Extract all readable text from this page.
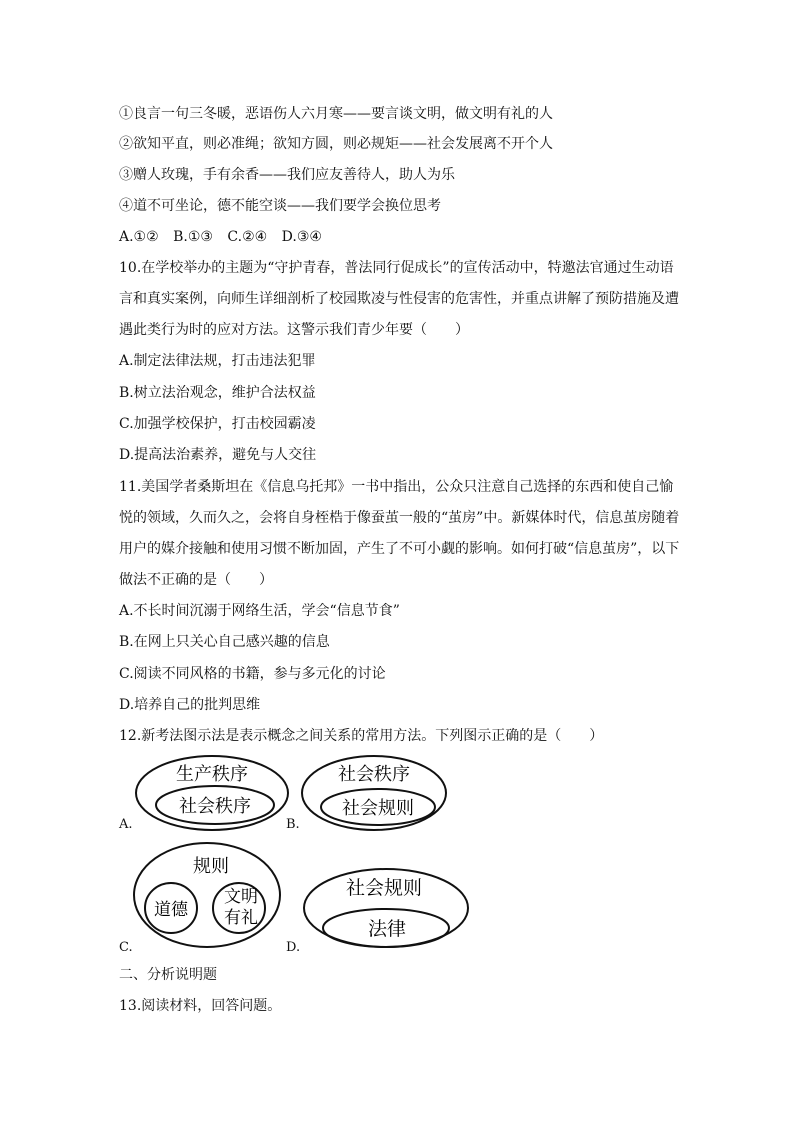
①良言一句三冬暖，恶语伤人六月寒——要言谈文明，做文明有礼的人
②欲知平直，则必准绳；欲知方圆，则必规矩——社会发展离不开个人
③赠人玫瑰，手有余香——我们应友善待人，助人为乐
④道不可坐论，德不能空谈——我们要学会换位思考
A.①② B.①③ C.②④ D.③④
10.在学校举办的主题为“守护青春，普法同行促成长”的宣传活动中，特邀法官通过生动语言和真实案例，向师生详细剖析了校园欺凌与性侵害的危害性，并重点讲解了预防措施及遭遇此类行为时的应对方法。这警示我们青少年要（　　）
A.制定法律法规，打击违法犯罪
B.树立法治观念，维护合法权益
C.加强学校保护，打击校园霸凌
D.提高法治素养，避免与人交往
11.美国学者桑斯坦在《信息乌托邦》一书中指出，公众只注意自己选择的东西和使自己愉悦的领域，久而久之，会将自身桎梏于像蚕茧一般的“茧房”中。新媒体时代，信息茧房随着用户的媒介接触和使用习惯不断加固，产生了不可小觑的影响。如何打破“信息茧房”，以下做法不正确的是（　　）
A.不长时间沉溺于网络生活，学会“信息节食”
B.在网上只关心自己感兴趣的信息
C.阅读不同风格的书籍，参与多元化的讨论
D.培养自己的批判思维
12.新考法图示法是表示概念之间关系的常用方法。下列图示正确的是（　　）
生产秩序
社会秩序
A.
社会秩序
社会规则
B.
规则
道德
文明
有礼
C.
社会规则
法律
D.
二、分析说明题
13.阅读材料，回答问题。
